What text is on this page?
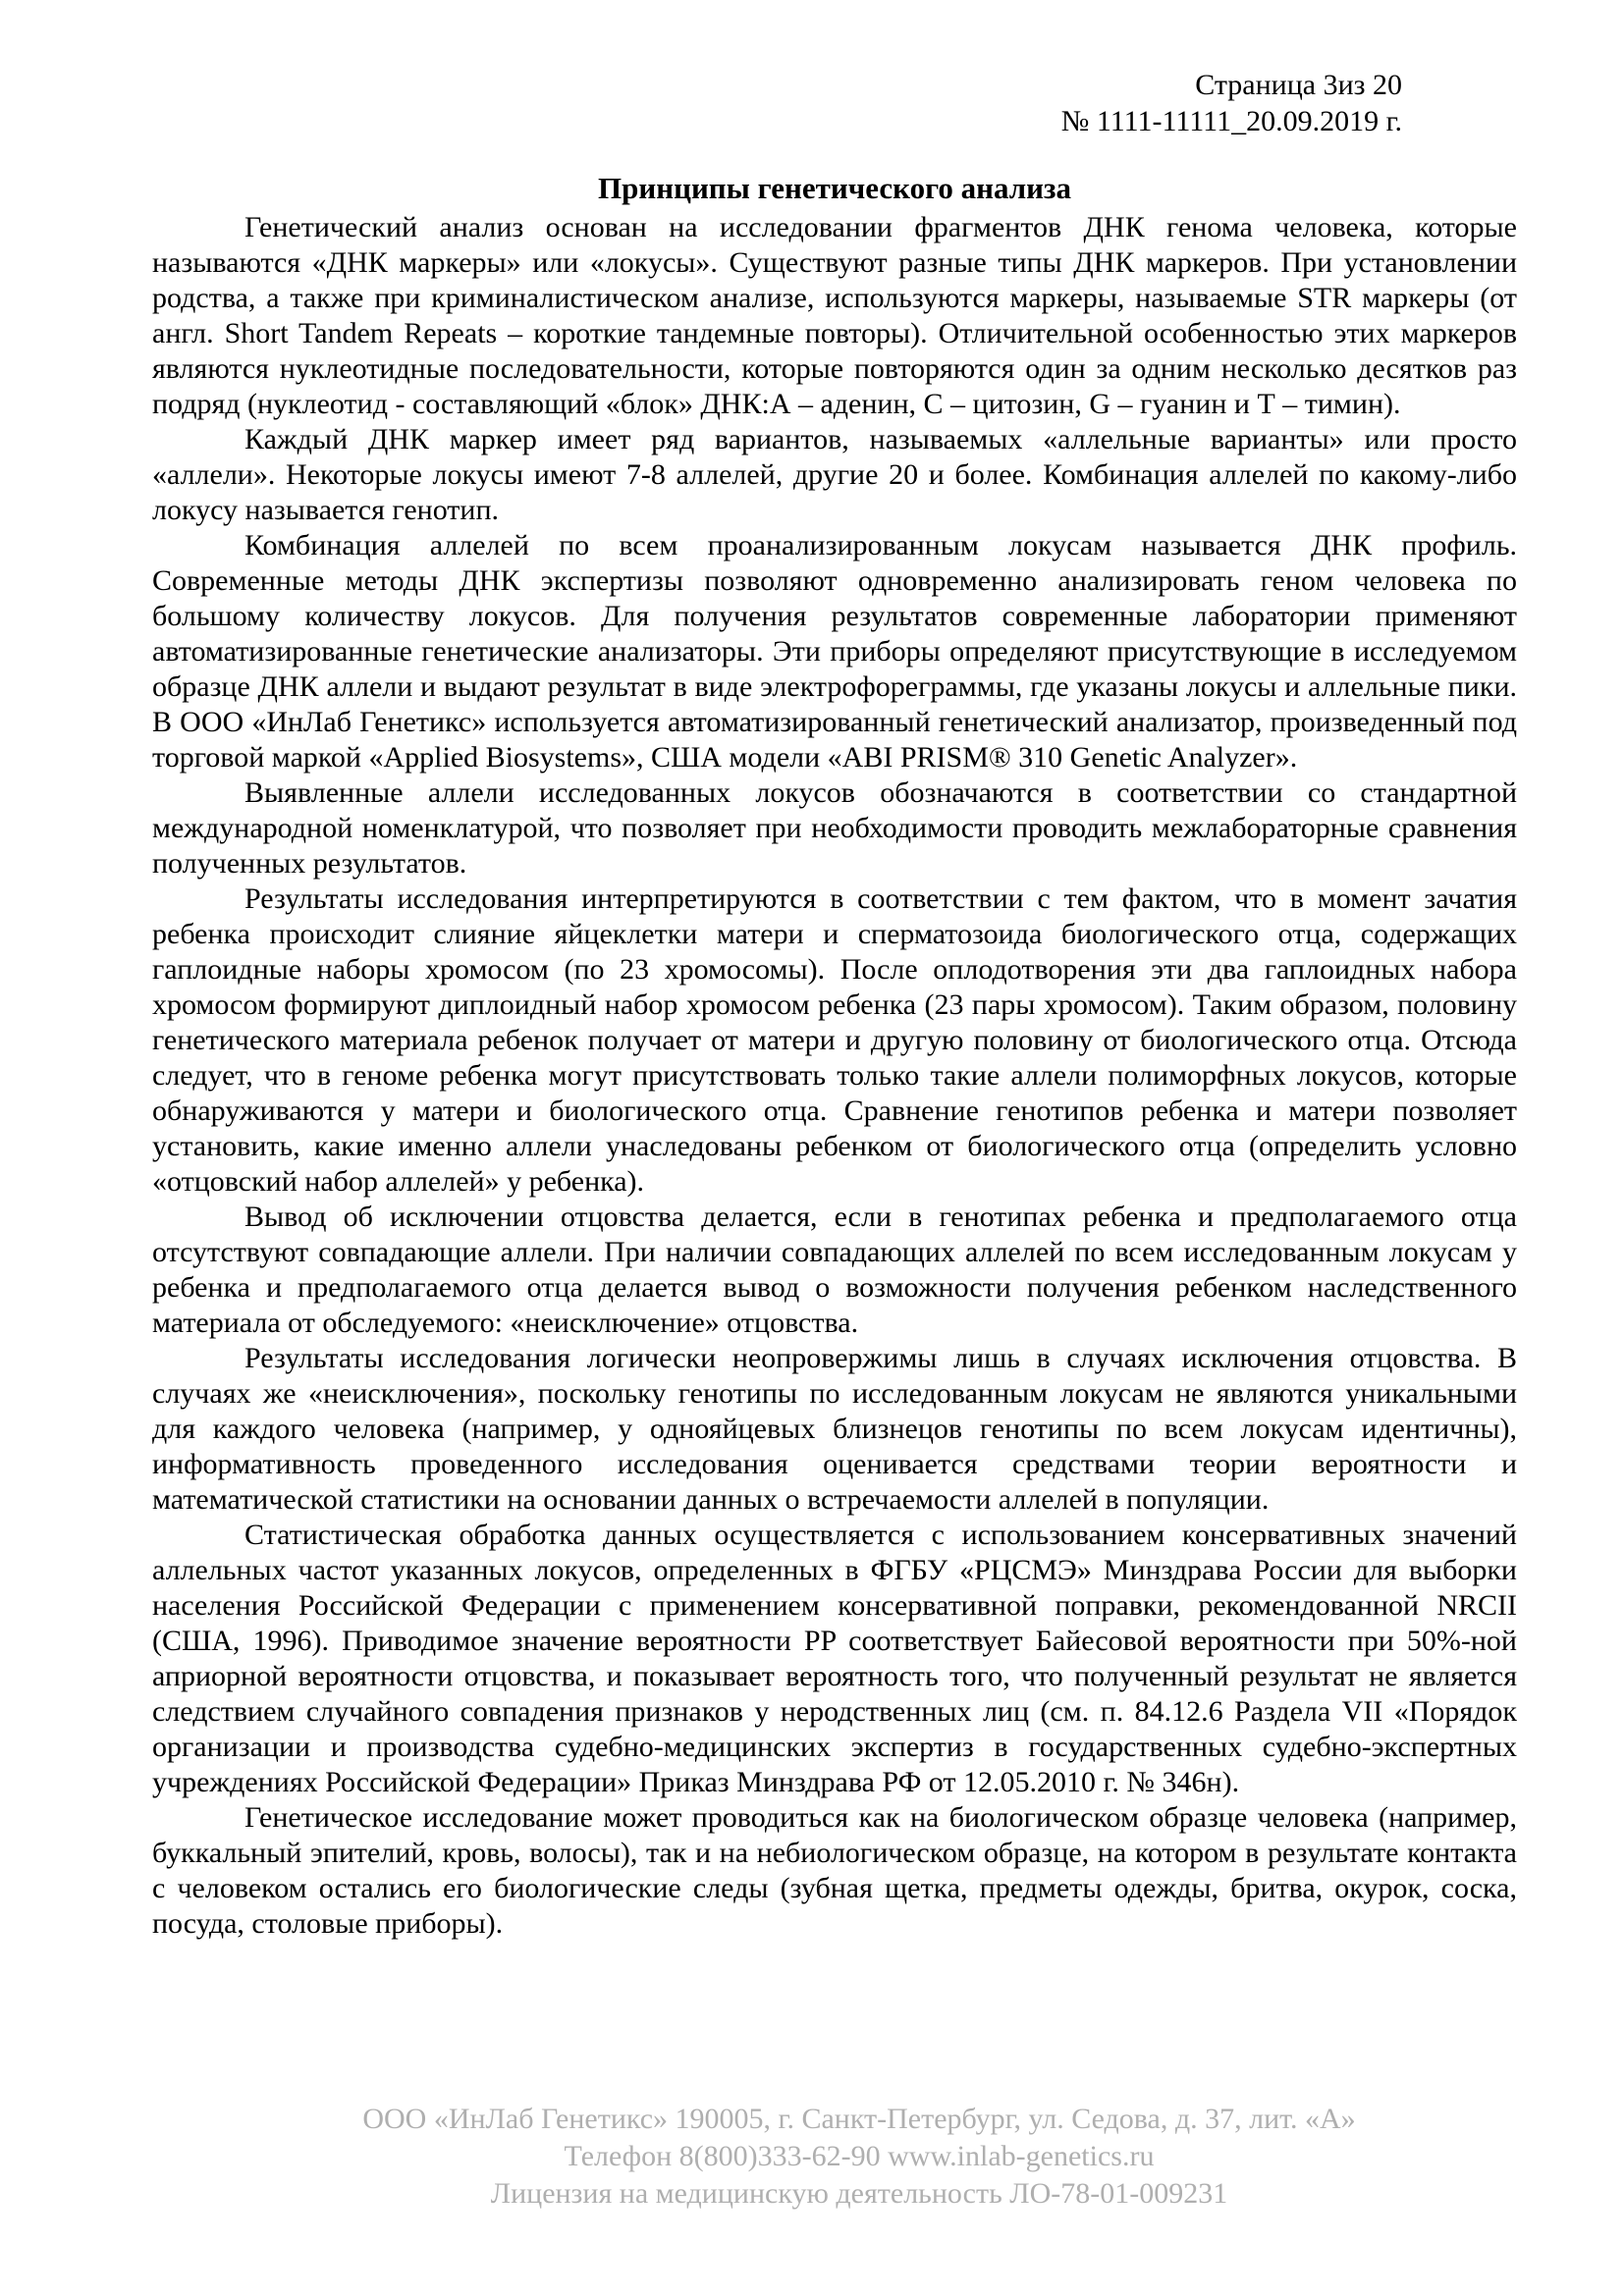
Страница 3из 20
№ 1111-11111_20.09.2019 г.
Принципы генетического анализа

Генетический анализ основан на исследовании фрагментов ДНК генома человека, которые называются «ДНК маркеры» или «локусы». Существуют разные типы ДНК маркеров. При установлении родства, а также при криминалистическом анализе, используются маркеры, называемые STR маркеры (от англ. Short Tandem Repeats – короткие тандемные повторы). Отличительной особенностью этих маркеров являются нуклеотидные последовательности, которые повторяются один за одним несколько десятков раз подряд (нуклеотид - составляющий «блок» ДНК:А – аденин, С – цитозин, G – гуанин и Т – тимин).

Каждый ДНК маркер имеет ряд вариантов, называемых «аллельные варианты» или просто «аллели». Некоторые локусы имеют 7-8 аллелей, другие 20 и более. Комбинация аллелей по какому-либо локусу называется генотип.

Комбинация аллелей по всем проанализированным локусам называется ДНК профиль. Современные методы ДНК экспертизы позволяют одновременно анализировать геном человека по большому количеству локусов. Для получения результатов современные лаборатории применяют автоматизированные генетические анализаторы. Эти приборы определяют присутствующие в исследуемом образце ДНК аллели и выдают результат в виде электрофореграммы, где указаны локусы и аллельные пики. В ООО «ИнЛаб Генетикс» используется автоматизированный генетический анализатор, произведенный под торговой маркой «Applied Biosystems», США модели «ABI PRISM® 310 Genetic Analyzer».

Выявленные аллели исследованных локусов обозначаются в соответствии со стандартной международной номенклатурой, что позволяет при необходимости проводить межлабораторные сравнения полученных результатов.

Результаты исследования интерпретируются в соответствии с тем фактом, что в момент зачатия ребенка происходит слияние яйцеклетки матери и сперматозоида биологического отца, содержащих гаплоидные наборы хромосом (по 23 хромосомы). После оплодотворения эти два гаплоидных набора хромосом формируют диплоидный набор хромосом ребенка (23 пары хромосом). Таким образом, половину генетического материала ребенок получает от матери и другую половину от биологического отца. Отсюда следует, что в геноме ребенка могут присутствовать только такие аллели полиморфных локусов, которые обнаруживаются у матери и биологического отца. Сравнение генотипов ребенка и матери позволяет установить, какие именно аллели унаследованы ребенком от биологического отца (определить условно «отцовский набор аллелей» у ребенка).

Вывод об исключении отцовства делается, если в генотипах ребенка и предполагаемого отца отсутствуют совпадающие аллели. При наличии совпадающих аллелей по всем исследованным локусам у ребенка и предполагаемого отца делается вывод о возможности получения ребенком наследственного материала от обследуемого: «неисключение» отцовства.

Результаты исследования логически неопровержимы лишь в случаях исключения отцовства. В случаях же «неисключения», поскольку генотипы по исследованным локусам не являются уникальными для каждого человека (например, у однояйцевых близнецов генотипы по всем локусам идентичны), информативность проведенного исследования оценивается средствами теории вероятности и математической статистики на основании данных о встречаемости аллелей в популяции.

Статистическая обработка данных осуществляется с использованием консервативных значений аллельных частот указанных локусов, определенных в ФГБУ «РЦСМЭ» Минздрава России для выборки населения Российской Федерации с применением консервативной поправки, рекомендованной NRCII (США, 1996). Приводимое значение вероятности PP соответствует Байесовой вероятности при 50%-ной априорной вероятности отцовства, и показывает вероятность того, что полученный результат не является следствием случайного совпадения признаков у неродственных лиц (см. п. 84.12.6 Раздела VII «Порядок организации и производства судебно-медицинских экспертиз в государственных судебно-экспертных учреждениях Российской Федерации» Приказ Минздрава РФ от 12.05.2010 г. № 346н).

Генетическое исследование может проводиться как на биологическом образце человека (например, буккальный эпителий, кровь, волосы), так и на небиологическом образце, на котором в результате контакта с человеком остались его биологические следы (зубная щетка, предметы одежды, бритва, окурок, соска, посуда, столовые приборы).

ООО «ИнЛаб Генетикс» 190005, г. Санкт-Петербург, ул. Седова, д. 37, лит. «А»
Телефон 8(800)333-62-90 www.inlab-genetics.ru
Лицензия на медицинскую деятельность ЛО-78-01-009231
